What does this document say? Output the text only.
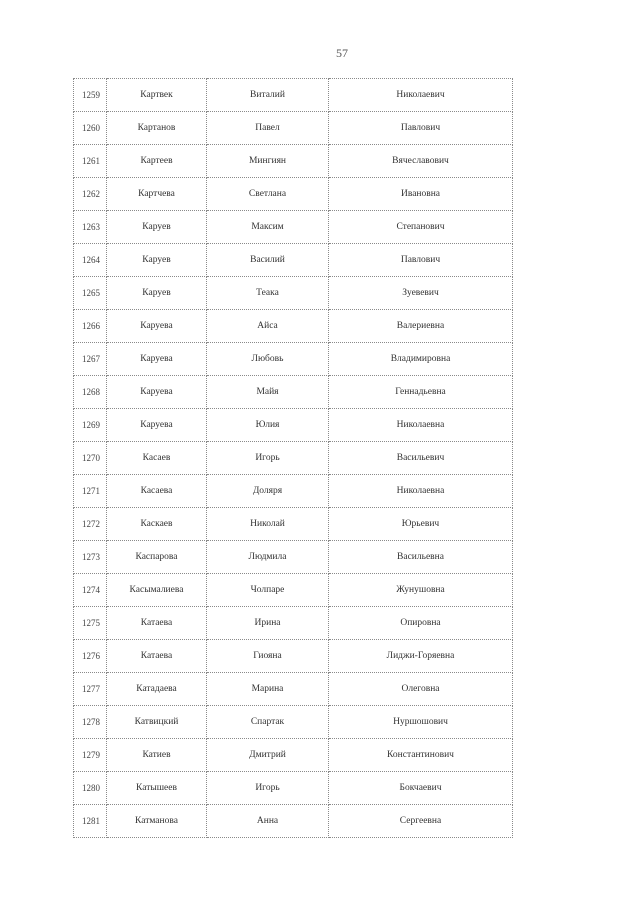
57
1259	Картвек	Виталий	Николаевич
1260	Картанов	Павел	Павлович
1261	Картеев	Мингиян	Вячеславович
1262	Картчева	Светлана	Ивановна
1263	Каруев	Максим	Степанович
1264	Каруев	Василий	Павлович
1265	Каруев	Теака	Зуевевич
1266	Каруева	Айса	Валериевна
1267	Каруева	Любовь	Владимировна
1268	Каруева	Майя	Геннадьевна
1269	Каруева	Юлия	Николаевна
1270	Касаев	Игорь	Васильевич
1271	Касаева	Доляря	Николаевна
1272	Каскаев	Николай	Юрьевич
1273	Каспарова	Людмила	Васильевна
1274	Касымалиева	Чолпаре	Жунушовна
1275	Катаева	Ирина	Опировна
1276	Катаева	Гиояна	Лиджи-Горяевна
1277	Катадаева	Марина	Олеговна
1278	Катвицкий	Спартак	Нуршошович
1279	Катиев	Дмитрий	Константинович
1280	Катышеев	Игорь	Бокчаевич
1281	Катманова	Анна	Сергеевна
